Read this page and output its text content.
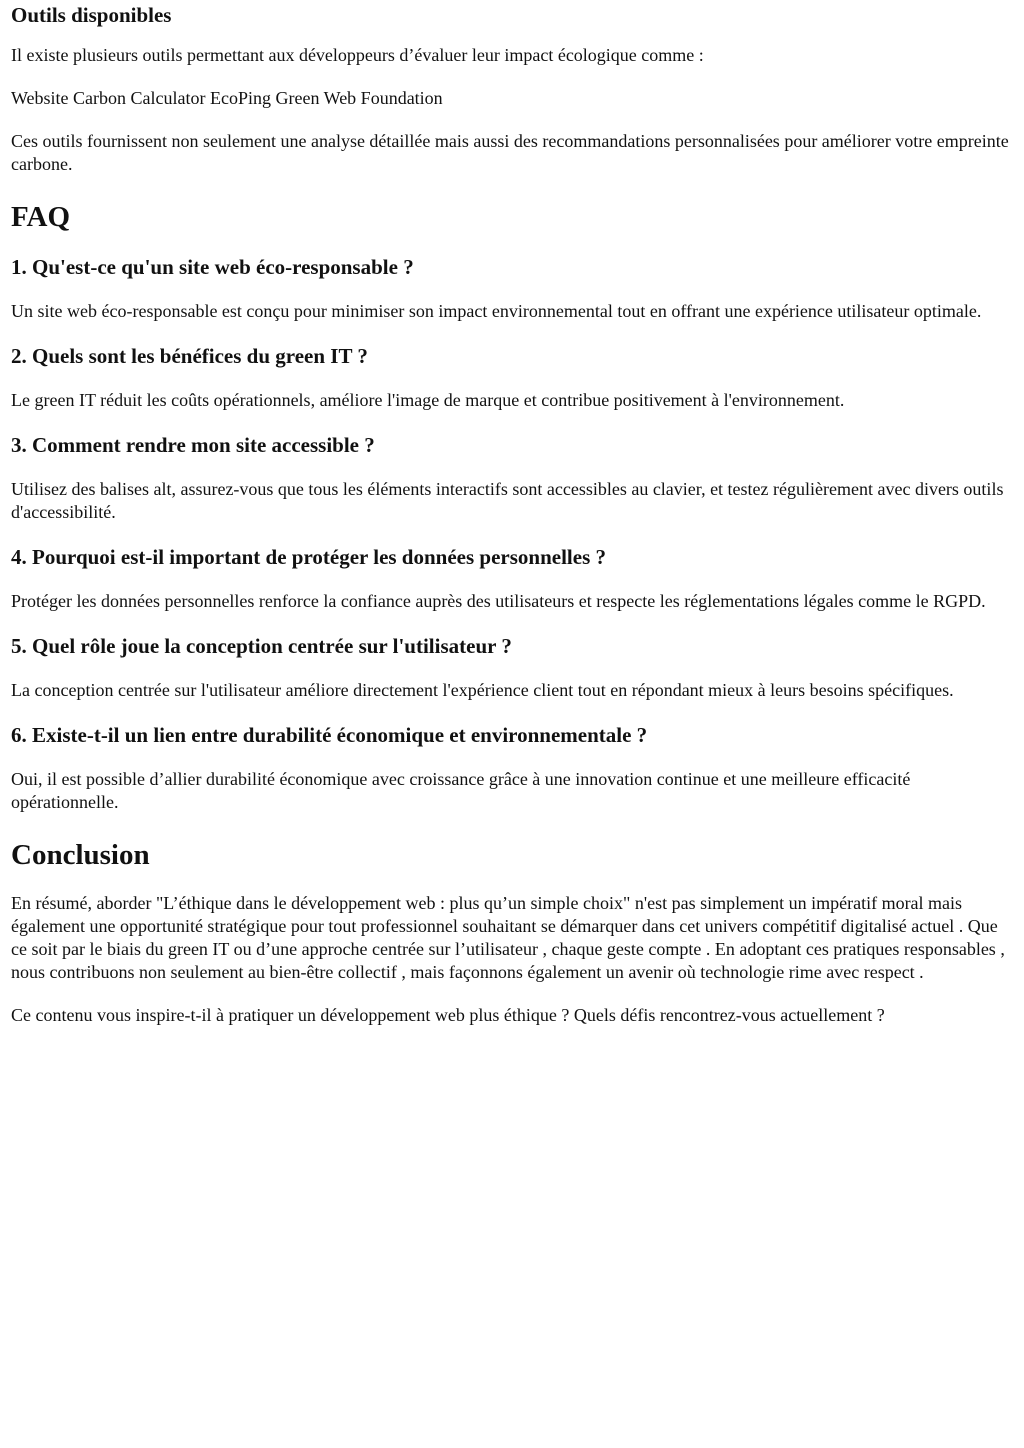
Outils disponibles

Il existe plusieurs outils permettant aux développeurs d’évaluer leur impact écologique comme :

Website Carbon Calculator EcoPing Green Web Foundation

Ces outils fournissent non seulement une analyse détaillée mais aussi des recommandations personnalisées pour améliorer votre empreinte carbone.

FAQ
1. Qu'est-ce qu'un site web éco-responsable ?

Un site web éco-responsable est conçu pour minimiser son impact environnemental tout en offrant une expérience utilisateur optimale.

2. Quels sont les bénéfices du green IT ?

Le green IT réduit les coûts opérationnels, améliore l'image de marque et contribue positivement à l'environnement.

3. Comment rendre mon site accessible ?

Utilisez des balises alt, assurez-vous que tous les éléments interactifs sont accessibles au clavier, et testez régulièrement avec divers outils d'accessibilité.

4. Pourquoi est-il important de protéger les données personnelles ?

Protéger les données personnelles renforce la confiance auprès des utilisateurs et respecte les réglementations légales comme le RGPD.

5. Quel rôle joue la conception centrée sur l'utilisateur ?

La conception centrée sur l'utilisateur améliore directement l'expérience client tout en répondant mieux à leurs besoins spécifiques.

6. Existe-t-il un lien entre durabilité économique et environnementale ?

Oui, il est possible d’allier durabilité économique avec croissance grâce à une innovation continue et une meilleure efficacité opérationnelle.

Conclusion

En résumé, aborder "L’éthique dans le développement web : plus qu’un simple choix" n'est pas simplement un impératif moral mais également une opportunité stratégique pour tout professionnel souhaitant se démarquer dans cet univers compétitif digitalisé actuel . Que ce soit par le biais du green IT ou d’une approche centrée sur l’utilisateur , chaque geste compte . En adoptant ces pratiques responsables , nous contribuons non seulement au bien-être collectif , mais façonnons également un avenir où technologie rime avec respect .

Ce contenu vous inspire-t-il à pratiquer un développement web plus éthique ? Quels défis rencontrez-vous actuellement ?
